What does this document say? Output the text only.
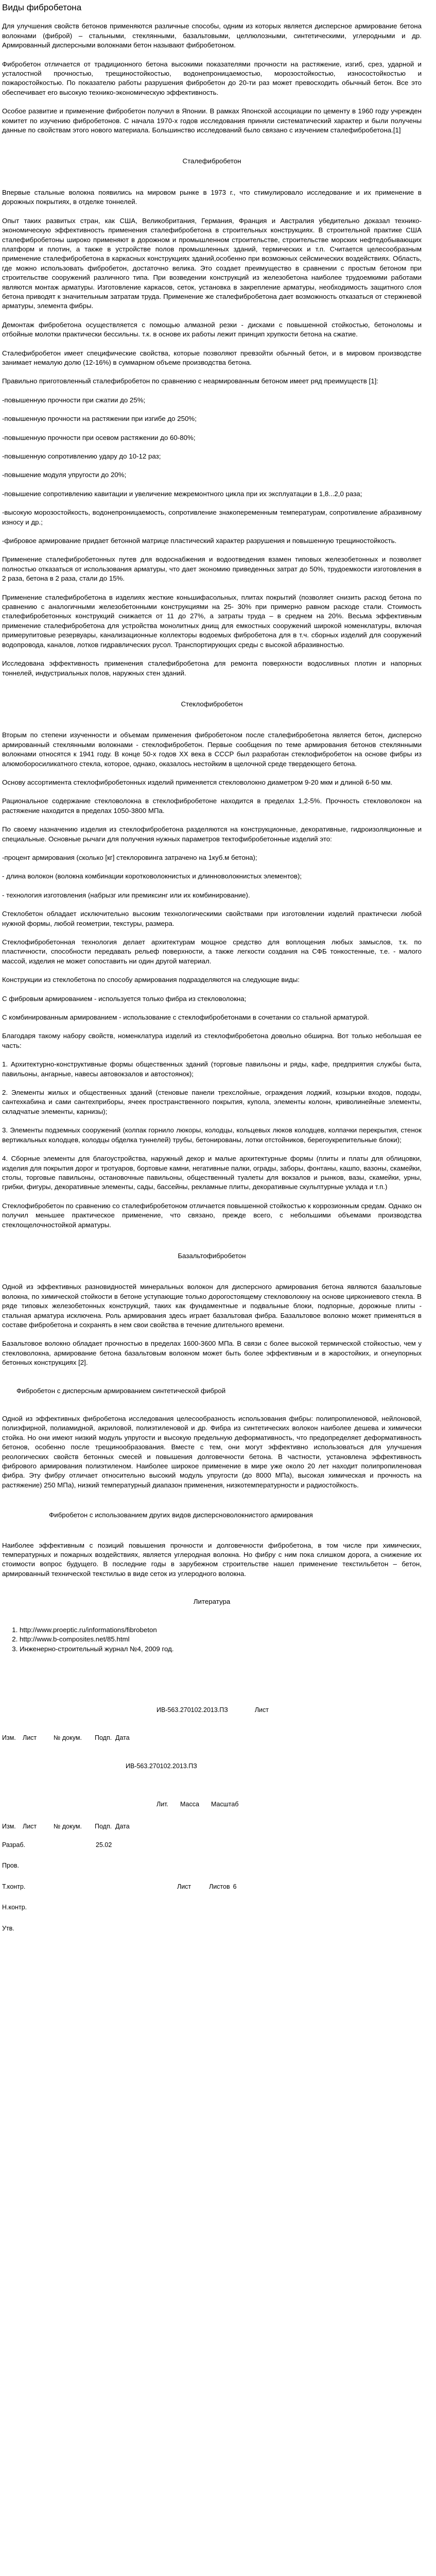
Виды фибробетона

Для улучшения свойств бетонов применяются различные способы, одним из которых является дисперсное армирование бетона волокнами (фиброй) – стальными, стеклянными, базальтовыми, целлюлозными, синтетическими, углеродными и др. Армированный дисперсными волокнами бетон называют фибробетоном.

Фибробетон отличается от традиционного бетона высокими показателями прочности на растяжение, изгиб, срез, ударной и усталостной прочностью, трещиностойкостью, водонепроницаемостью, морозостойкостью, износостойкостью и пожаростойкостью. По показателю работы разрушения фибробетон до 20-ти раз может превосходить обычный бетон. Все это обеспечивает его высокую технико-экономическую эффективность.

Особое развитие и применение фибробетон получил в Японии. В рамках Японской ассоциации по цементу в 1960 году учрежден комитет по изучению фибробетонов. С начала 1970-х годов исследования приняли систематический характер и были получены данные по свойствам этого нового материала. Большинство исследований было связано с изучением сталефибробетона.[1]

Сталефибробетон

Впервые стальные волокна появились на мировом рынке в 1973 г., что стимулировало исследование и их применение в дорожных покрытиях, в отделке тоннелей.

Опыт таких развитых стран, как США, Великобритания, Германия, Франция и Австралия убедительно доказал технико-экономическую эффективность применения сталефибробетона в строительных конструкциях. В строительной практике США сталефибробетоны широко применяют в дорожном и промышленном строительстве, строительстве морских нефтедобывающих платформ и плотин, а также в устройстве полов промышленных зданий, термических и т.п. Считается целесообразным применение сталефибробетона в каркасных конструкциях зданий,особенно при возможных сейсмических воздействиях. Область, где можно использовать фибробетон, достаточно велика. Это создает преимущество в сравнении с простым бетоном при строительстве сооружений различного типа. При возведении конструкций из железобетона наиболее трудоемкими работами являются монтаж арматуры. Изготовление каркасов, сеток, установка в закрепление арматуры, необходимость защитного слоя бетона приводят к значительным затратам труда. Применение же сталефибробетона дает возможность отказаться от стержневой арматуры, элемента фибры.

Демонтаж фибробетона осуществляется с помощью алмазной резки - дисками с повышенной стойкостью, бетоноломы и отбойные молотки практически бессильны. т.к. в основе их работы лежит принцип хрупкости бетона на сжатие.

Сталефибробетон имеет специфические свойства, которые позволяют превзойти обычный бетон, и в мировом производстве занимает немалую долю (12-16%) в суммарном объеме производства бетона.

Правильно приготовленный сталефибробетон по сравнению с неармированным бетоном имеет ряд преимуществ [1]:

-повышенную прочности при сжатии до 25%;

-повышенную прочности на растяжении при изгибе до 250%;

-повышенную прочности при осевом растяжении до 60-80%;

-повышенную сопротивлению удару до 10-12 раз;

-повышение модуля упругости до 20%;

-повышение сопротивлению кавитации и увеличение межремонтного цикла при их эксплуатации в 1,8...2,0 раза;

-высокую морозостойкость, водонепроницаемость, сопротивление знакопеременным температурам, сопротивление абразивному износу и др.;

-фибровое армирование придает бетонной матрице пластический характер разрушения и повышенную трещиностойкость.

Применение сталефибробетонных путев для водоснабжения и водоотведения взамен типовых железобетонных и позволяет полностью отказаться от использования арматуры, что дает экономию приведенных затрат до 50%, трудоемкости изготовления в 2 раза, бетона в 2 раза, стали до 15%.

Применение сталефибробетона в изделиях жесткие коньшифасольных, плитах покрытий (позволяет снизить расход бетона по сравнению с аналогичными железобетонными конструкциями на 25- 30% при примерно равном расходе стали. Стоимость сталефибробетонных конструкций снижается от 11 до 27%, а затраты труда – в среднем на 20%. Весьма эффективным применение сталефибробетона для устройства монолитных днищ для емкостных сооружений широкой номенклатуры, включая примерупитовые резервуары, канализационные коллекторы водоемых фибробетона для в т.ч. сборных изделий для сооружений водопровода, каналов, лотков гидравлических русол. Транспортирующих среды с высокой абразивностью.

Исследована эффективность применения сталефибробетона для ремонта поверхности водосливных плотин и напорных тоннелей, индустриальных полов, наружных стен зданий.

Стеклофибробетон

Вторым по степени изученности и объемам применения фибробетоном после сталефибробетона является бетон, дисперсно армированный стеклянными волокнами - стеклофибробетон. Первые сообщения по теме армирования бетонов стеклянными волокнами относятся к 1941 году. В конце 50-х годов XX века в СССР был разработан стеклофибробетон на основе фибры из алюмоборосиликатного стекла, которое, однако, оказалось нестойким в щелочной среде твердеющего бетона.

Основу ассортимента стеклофибробетонных изделий применяется стекловолокно диаметром 9-20 мкм и длиной 6-50 мм.

Рациональное содержание стекловолокна в стеклофибробетоне находится в пределах 1,2-5%. Прочность стекловолокон на растяжение находится в пределах 1050-3800 МПа.

По своему назначению изделия из стеклофибробетона разделяются на конструкционные, декоративные, гидроизоляционные и специальные. Основные рычаги для получения нужных параметров тектофибробетонные изделий это:

-процент армирования (сколько [кг] стеклоровинга затрачено на 1куб.м бетона);

- длина волокон (волокна комбинации коротковолокнистых и длинноволокнистых элементов);

- технология изготовления (набрызг или премиксинг или их комбинирование).

Стеклобетон обладает исключительно высоким технологическими свойствами при изготовлении изделий практически любой нужной формы, любой геометрии, текстуры, размера.

Стеклофибробетонная технология делает архитектурам мощное средство для воплощения любых замыслов, т.к. по пластичности, способности передавать рельеф поверхности, а также легкости создания на СФБ тонкостенные, т.е. - малого массой, изделия не может сопоставить ни один другой материал.

Конструкции из стеклобетона по способу армирования подразделяются на следующие виды:

С фибровым армированием - используется только фибра из стекловолокна;

С комбинированным армированием - использование с стеклофибробетонами в сочетании со стальной арматурой.

Благодаря такому набору свойств, номенклатура изделий из стеклофибробетона довольно обширна. Вот только небольшая ее часть:

1. Архитектурно-конструктивные формы общественных зданий (торговые павильоны и ряды, кафе, предприятия службы быта, павильоны, ангарные, навесы автовокзалов и автостоянок);

2. Элементы жилых и общественных зданий (стеновые панели трехслойные, ограждения лоджий, козырьки входов, пододы, сантехкабина и сами сантехприборы, ячеек пространственного покрытия, купола, элементы колонн, криволинейные элементы, складчатые элементы, карнизы);

3. Элементы подземных сооружений (колпак горнило люкоры, колодцы, кольцевых люков колодцев, колпачки перекрытия, стенок вертикальных колодцев, колодцы обделка туннелей) трубы, бетонированы, лотки отстойников, берегоукрепительные блоки);

4. Сборные элементы для благоустройства, наружный декор и малые архитектурные формы (плиты и платы для облицовки, изделия для покрытия дорог и тротуаров, бортовые камни, негативные палки, ограды, заборы, фонтаны, кашпо, вазоны, скамейки, столы, торговые павильоны, остановочные павильоны, общественный туалеты для вокзалов и рынков, вазы, скамейки, урны, грибки, фигуры, декоративные элементы, сады, бассейны, рекламные плиты, декоративные скульптурные уклада и т.п.)

Стеклофибробетон по сравнению со сталефибробетоном отличается повышенной стойкостью к коррозионным средам. Однако он получил меньшее практическое применение, что связано, прежде всего, с небольшими объемами производства стеклощелочностойкой арматуры.

Базальтофибробетон

Одной из эффективных разновидностей минеральных волокон для дисперсного армирования бетона являются базальтовые волокна, по химической стойкости в бетоне уступающие только дорогостоящему стекловолокну на основе циркониевого стекла. В ряде типовых железобетонных конструкций, таких как фундаментные и подвальные блоки, подпорные, дорожные плиты - стальная арматура исключена. Роль армирования здесь играет базальтовая фибра. Базальтовое волокно может применяться в составе фибробетона и сохранять в нем свои свойства в течение длительного времени.

Базальтовое волокно обладает прочностью в пределах 1600-3600 МПа. В связи с более высокой термической стойкостью, чем у стекловолокна, армирование бетона базальтовым волокном может быть более эффективным и в жаростойких, и огнеупорных бетонных конструкциях [2].

Фибробетон с дисперсным армированием синтетической фиброй

Одной из эффективных фибробетона исследования целесообразность использования фибры: полипропиленовой, нейлоновой, полиэфирной, полиамидной, акриловой, полиэтиленовой и др. Фибра из синтетических волокон наиболее дешева и химически стойка. Но они имеют низкий модуль упругости и высокую предельную деформативность, что предопределяет деформативность бетонов, особенно после трещинообразования. Вместе с тем, они могут эффективно использоваться для улучшения реологических свойств бетонных смесей и повышения долговечности бетона. В частности, установлена эффективность фибрового армирования полиэтиленом. Наиболее широкое применение в мире уже около 20 лет находит полипропиленовая фибра. Эту фибру отличает относительно высокий модуль упругости (до 8000 МПа), высокая химическая и прочность на растяжение) 250 МПа), низкий температурный диапазон применения, низкотемпературности и радиостойкость.

Фибробетон с использованием других видов дисперсноволокнистого армирования

Наиболее эффективным с позиций повышения прочности и долговечности фибробетона, в том числе при химических, температурных и пожарных воздействиях, является углеродная волокна. Но фибру с ним пока слишком дорога, а снижение их стоимости вопрос будущего. В последние годы в зарубежном строительстве нашел применение текстильбетон – бетон, армированный технической текстилью в виде сеток из углеродного волокна.

Литература
1. http://www.proeptic.ru/informations/fibrobeton
2. http://www.b-composites.net/85.html
3. Инженерно-строительный журнал №4, 2009 год.
ИВ-563.270102.2013.ПЗ	Лист
Изм.	Лист	№ докум.	Подп. Дата
ИВ-563.270102.2013.ПЗ
Лит.	Масса	Масштаб
Изм.	Лист	№ докум.	Подп. Дата
Разраб.	25.02
Пров.
Т.контр.	Лист	Листов 6
Н.контр.
Утв.
